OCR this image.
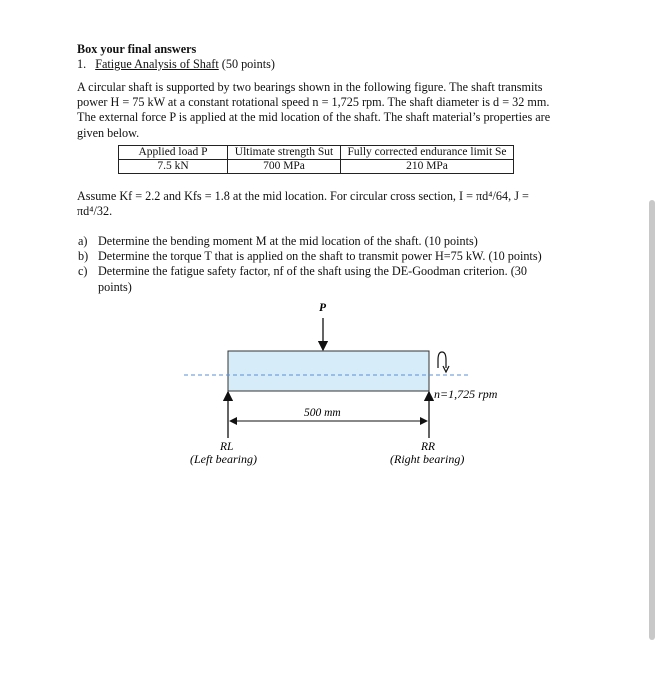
Box your final answers
1. Fatigue Analysis of Shaft (50 points)
A circular shaft is supported by two bearings shown in the following figure. The shaft transmits
power H = 75 kW at a constant rotational speed n = 1,725 rpm. The shaft diameter is d = 32 mm.
The external force P is applied at the mid location of the shaft. The shaft material’s properties are
given below.
Applied load P	Ultimate strength Sut	Fully corrected endurance limit Se
7.5 kN	700 MPa	210 MPa
Assume Kf = 2.2 and Kfs = 1.8 at the mid location. For circular cross section, I = πd⁴/64, J =
πd⁴/32.
a) Determine the bending moment M at the mid location of the shaft. (10 points)
b) Determine the torque T that is applied on the shaft to transmit power H=75 kW. (10 points)
c) Determine the fatigue safety factor, nf of the shaft using the DE-Goodman criterion. (30
points)
P
n=1,725 rpm
500 mm
RL
(Left bearing)
RR
(Right bearing)
